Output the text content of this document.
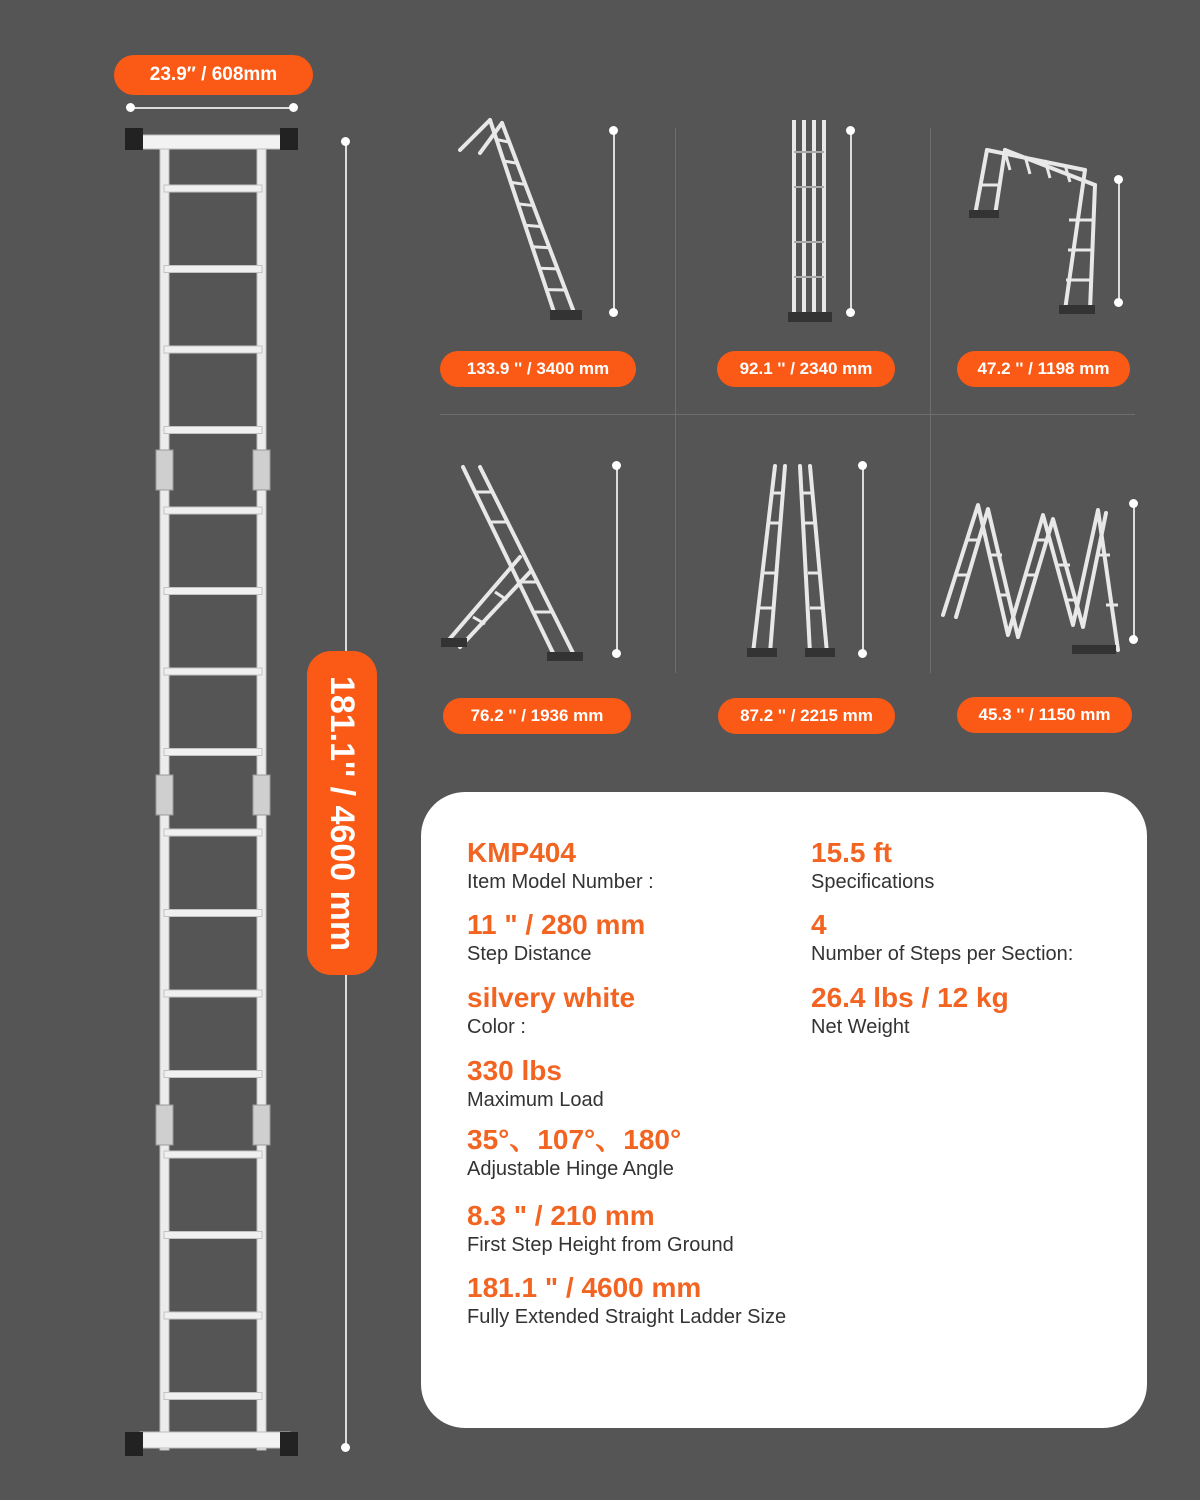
23.9″ / 608mm
181.1'' / 4600 mm
133.9 '' / 3400 mm	92.1 '' / 2340 mm	47.2 '' / 1198 mm
76.2 '' / 1936 mm	87.2 '' / 2215 mm	45.3 '' / 1150 mm
KMP404
Item Model Number :
11 " / 280 mm
Step Distance
silvery white
Color :
330 lbs
Maximum Load
35°、107°、180°
Adjustable Hinge Angle
8.3 " / 210 mm
First Step Height from Ground
181.1 " / 4600 mm
Fully Extended Straight Ladder Size
15.5 ft
Specifications
4
Number of Steps per Section:
26.4 lbs / 12 kg
Net Weight
